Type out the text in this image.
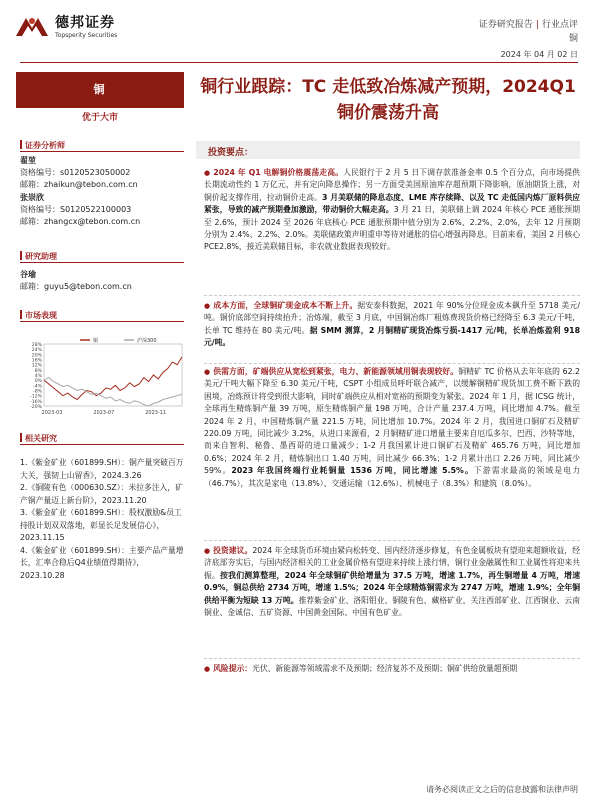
德邦证券
Topsperity Securities
证券研究报告 | 行业点评
铜
2024 年 04 月 02 日
铜
优于大市
证券分析师
翟堃
资格编号：s0120523050002
邮箱：zhaikun@tebon.com.cn
张崇欣
资格编号：S0120522100003
邮箱：zhangcx@tebon.com.cn
研究助理
谷瑜
邮箱：guyu5@tebon.com.cn
市场表现
28%
24%
20%
16%
12%
8%
4%
0%
-4%
-8%
-12%
-16%
-20%
2023-03	2023-07	2023-11
铜	沪深300
相关研究
1.《紫金矿业（601899.SH）：铜产量突破百万大关，强韧上山留香》，2024.3.26
2.《铜陵有色（000630.SZ）：米拉多注入，矿产铜产量迈上新台阶》，2023.11.20
3.《紫金矿业（601899.SH）：股权激励&员工持股计划双双落地，彰显长足发展信心》，2023.11.15
4.《紫金矿业（601899.SH）：主要产品产量增长，汇率合稳后Q4业绩值得期待》，2023.10.28
铜行业跟踪：TC 走低致冶炼减产预期，2024Q1 铜价震荡升高
投资要点：
● 2024 年 Q1 电解铜价格震荡走高。人民银行于 2 月 5 日下调存款准备金率 0.5 个百分点，向市场提供长期流动性约 1 万亿元，并有定向降息操作；另一方面受美国原油库存超预期下降影响，原油期货上涨，对铜价起支撑作用，拉动铜价走高。3 月美联储的降息态度、LME 库存续降、以及 TC 走低国内炼厂原料供应紧张，导致的减产预期叠加激励，带动铜价大幅走高。3 月 21 日，美联储上调 2024 年核心 PCE 通胀预期至 2.6%，预计 2024 至 2026 年底核心 PCE 通胀预期中值分别为 2.6%、2.2%、2.0%，去年 12 月预期分别为 2.4%、2.2%、2.0%。美联储政策声明重申等待对通胀的信心增强再降息。目前来看，美国 2 月核心 PCE2.8%，接近美联储目标，非农就业数据表现较好。
● 成本方面，全球铜矿现金成本不断上升。据安泰科数据，2021 年 90%分位现金成本飙升至 5718 美元/吨。铜价底部空间持续抬升；冶炼端，截至 3 月底，中国铜冶炼厂粗炼费现货价格已经降至 6.3 美元/干吨，长单 TC 维持在 80 美元/吨。据 SMM 测算，2 月铜精矿现货冶炼亏损-1417 元/吨，长单冶炼盈利 918 元/吨。
● 供需方面，矿端供应从宽松到紧张，电力、新能源领域用铜表现较好。铜精矿 TC 价格从去年年底的 62.2 美元/干吨大幅下降至 6.30 美元/干吨，CSPT 小组成员呼吁联合减产，以缓解铜精矿现货加工费不断下跌的困境，冶炼预计将受到很大影响，同时矿端供应从相对宽裕的预期变为紧张。2024 年 1 月，据 ICSG 统计，全球再生精炼铜产量 39 万吨，原生精炼铜产量 198 万吨，合计产量 237.4 万吨，同比增加 4.7%。截至 2024 年 2 月，中国精炼铜产量 221.5 万吨，同比增加 10.7%。2024 年 2 月，我国进口铜矿石及精矿 220.09 万吨，同比减少 3.2%，从进口来源看，2 月铜精矿进口增量主要来自厄瓜多尔、巴西、沙特等地，而来自智利、秘鲁、墨西哥的进口量减少；1-2 月我国累计进口铜矿石及精矿 465.76 万吨，同比增加 0.6%；2024 年 2 月，精炼铜出口 1.40 万吨，同比减少 66.3%；1-2 月累计出口 2.26 万吨，同比减少 59%。2023 年我国终端行业耗铜量 1536 万吨，同比增速 5.5%。下游需求最高的领域是电力（46.7%），其次是家电（13.8%）、交通运输（12.6%）、机械电子（8.3%）和建筑（8.0%）。
● 投资建议。2024 年全球货币环境由紧向松转变、国内经济逐步修复，有色金属板块有望迎来超额收益，经济底部夯实后，与国内经济相关的工业金属价格有望迎来持续上涨行情，铜行业金融属性和工业属性将迎来共振。按我们测算整理，2024 年全球铜矿供给增量为 37.5 万吨，增速 1.7%，再生铜增量 4 万吨，增速 0.9%，铜总供给 2734 万吨，增速 1.5%；2024 年全球精炼铜需求为 2747 万吨，增速 1.9%；全年铜供给平衡为短缺 13 万吨。推荐紫金矿业、洛阳钼业、铜陵有色、藏格矿业，关注西部矿业、江西铜业、云南铜业、金诚信、五矿资源、中国黄金国际、中国有色矿业。
● 风险提示：光伏、新能源等领域需求不及预期；经济复苏不及预期；铜矿供给放量超预期
请务必阅读正文之后的信息披露和法律声明
